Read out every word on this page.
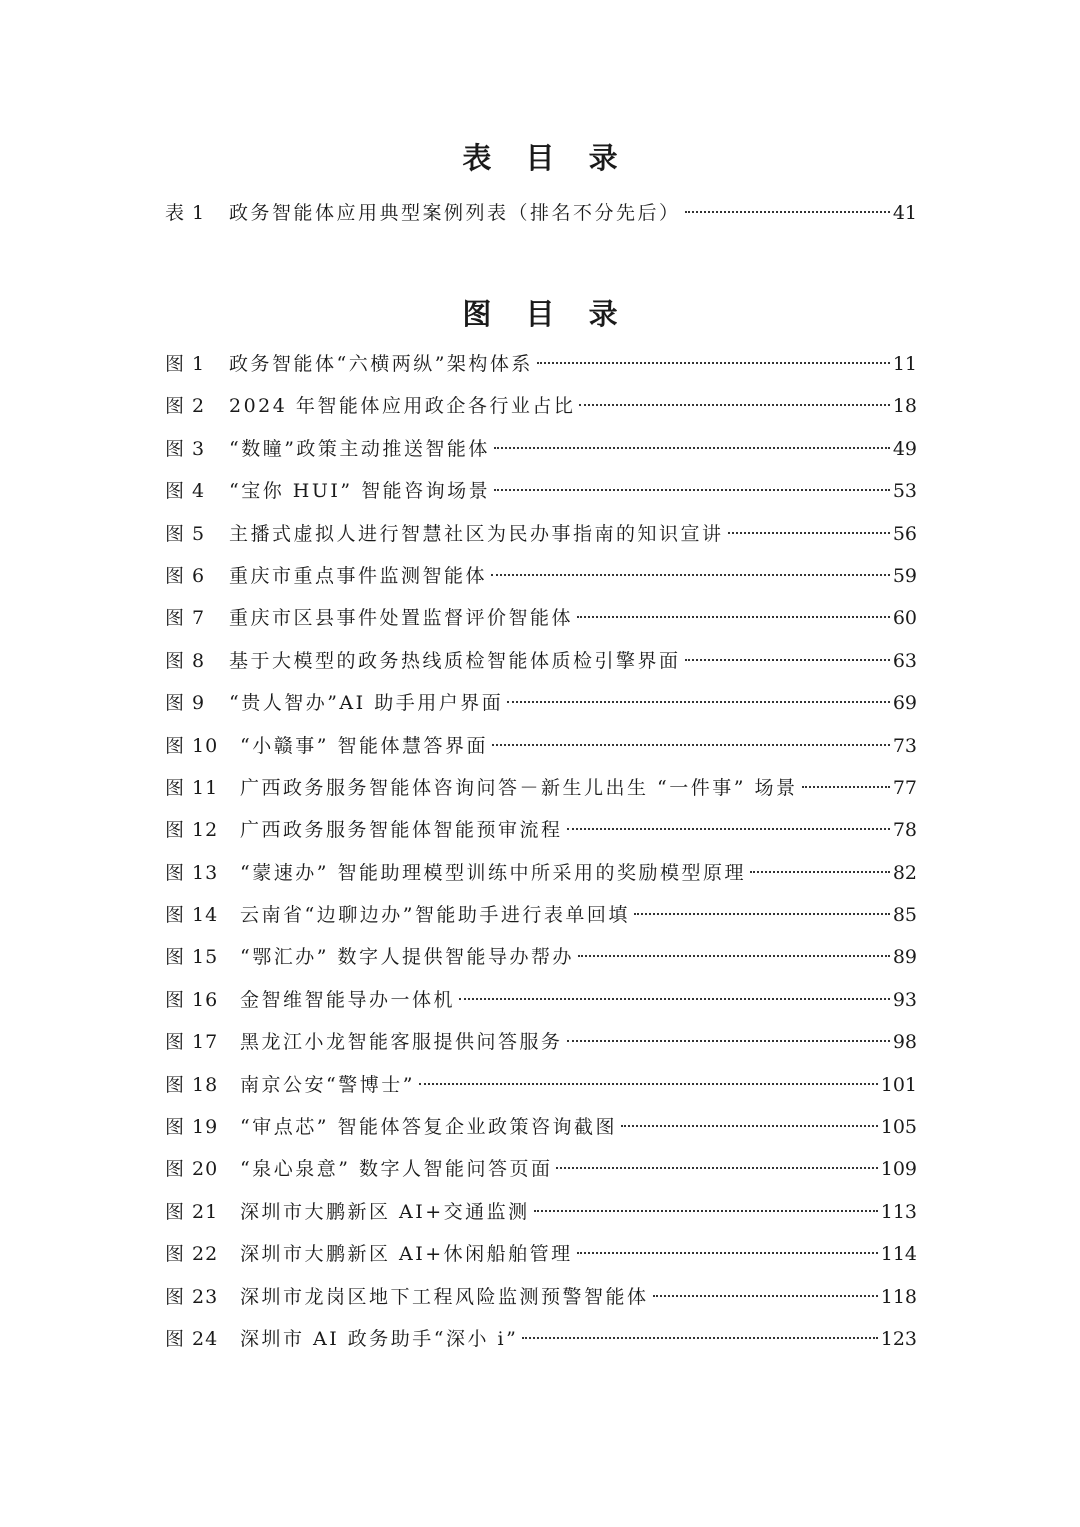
表 目 录
表 1	政务智能体应用典型案例列表（排名不分先后）	41
图 目 录
图 1	政务智能体“六横两纵”架构体系	11
图 2	2024 年智能体应用政企各行业占比	18
图 3	“数瞳”政策主动推送智能体	49
图 4	“宝你 HUI” 智能咨询场景	53
图 5	主播式虚拟人进行智慧社区为民办事指南的知识宣讲	56
图 6	重庆市重点事件监测智能体	59
图 7	重庆市区县事件处置监督评价智能体	60
图 8	基于大模型的政务热线质检智能体质检引擎界面	63
图 9	“贵人智办”AI 助手用户界面	69
图 10	“小赣事” 智能体慧答界面	73
图 11	广西政务服务智能体咨询问答－新生儿出生 “一件事” 场景	77
图 12	广西政务服务智能体智能预审流程	78
图 13	“蒙速办” 智能助理模型训练中所采用的奖励模型原理	82
图 14	云南省“边聊边办”智能助手进行表单回填	85
图 15	“鄂汇办” 数字人提供智能导办帮办	89
图 16	金智维智能导办一体机	93
图 17	黑龙江小龙智能客服提供问答服务	98
图 18	南京公安“警博士”	101
图 19	“审点芯” 智能体答复企业政策咨询截图	105
图 20	“泉心泉意” 数字人智能问答页面	109
图 21	深圳市大鹏新区 AI+交通监测	113
图 22	深圳市大鹏新区 AI+休闲船舶管理	114
图 23	深圳市龙岗区地下工程风险监测预警智能体	118
图 24	深圳市 AI 政务助手“深小 i”	123
